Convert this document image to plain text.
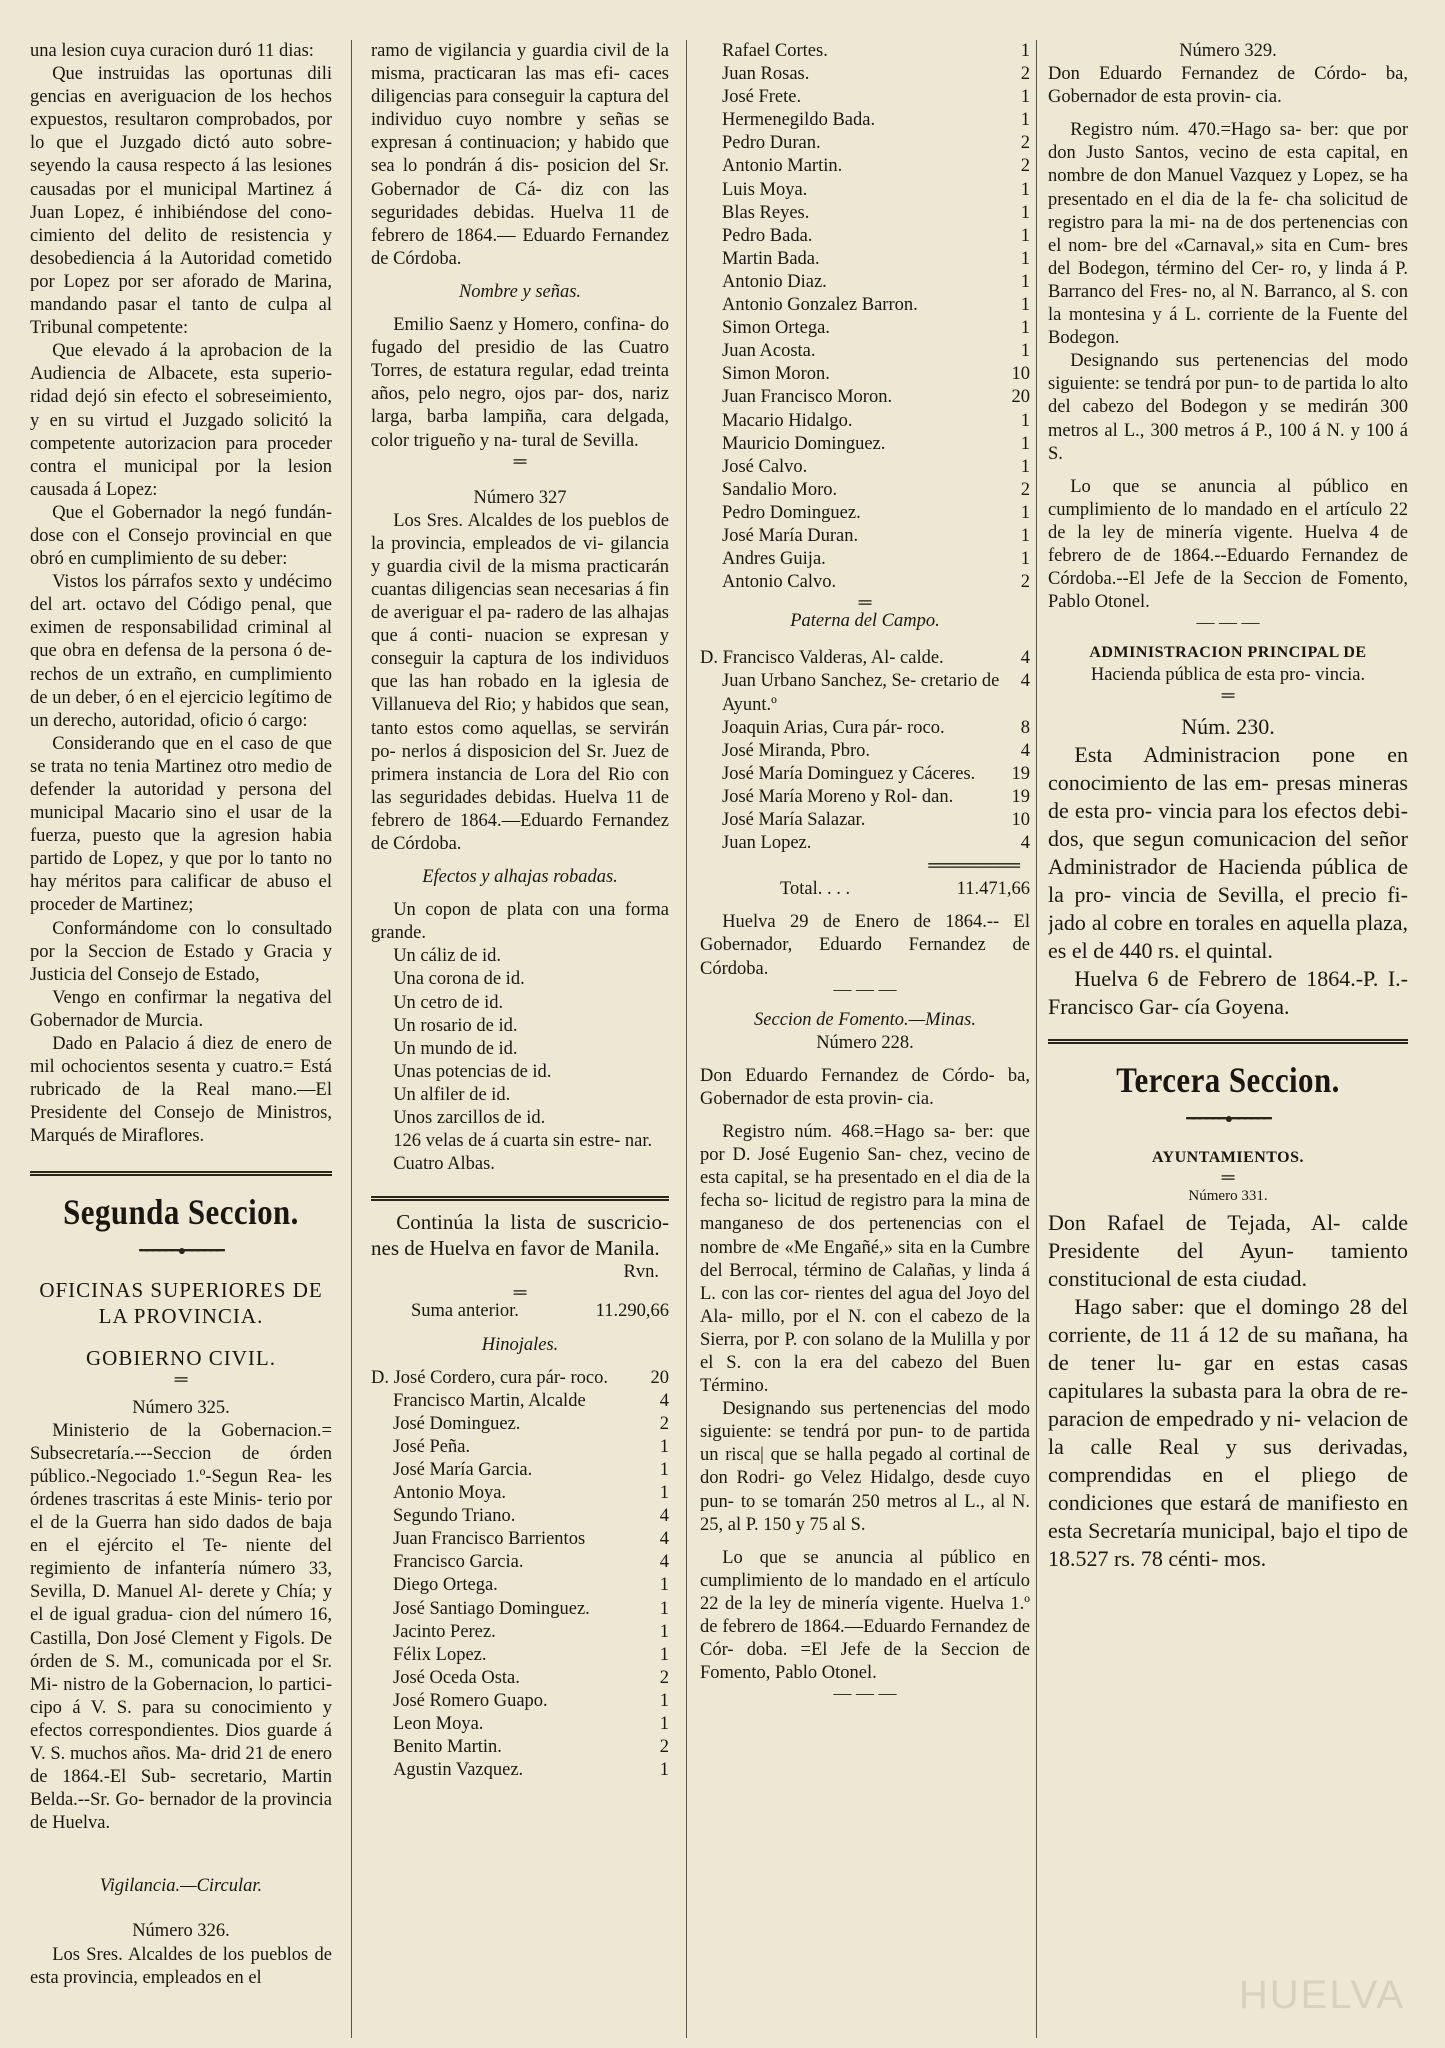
una lesion cuya curacion duró 11 dias:

Que instruidas las oportunas dili gencias en averiguacion de los hechos expuestos, resultaron comprobados, por lo que el Juzgado dictó auto sobre- seyendo la causa respecto á las lesiones causadas por el municipal Martinez á Juan Lopez, é inhibiéndose del cono- cimiento del delito de resistencia y desobediencia á la Autoridad cometido por Lopez por ser aforado de Marina, mandando pasar el tanto de culpa al Tribunal competente:

Que elevado á la aprobacion de la Audiencia de Albacete, esta superio- ridad dejó sin efecto el sobreseimiento, y en su virtud el Juzgado solicitó la competente autorizacion para proceder contra el municipal por la lesion causada á Lopez:

Que el Gobernador la negó fundán- dose con el Consejo provincial en que obró en cumplimiento de su deber:

Vistos los párrafos sexto y undécimo del art. octavo del Código penal, que eximen de responsabilidad criminal al que obra en defensa de la persona ó de- rechos de un extraño, en cumplimiento de un deber, ó en el ejercicio legítimo de un derecho, autoridad, oficio ó cargo:

Considerando que en el caso de que se trata no tenia Martinez otro medio de defender la autoridad y persona del municipal Macario sino el usar de la fuerza, puesto que la agresion habia partido de Lopez, y que por lo tanto no hay méritos para calificar de abuso el proceder de Martinez;

Conformándome con lo consultado por la Seccion de Estado y Gracia y Justicia del Consejo de Estado,

Vengo en confirmar la negativa del Gobernador de Murcia.

Dado en Palacio á diez de enero de mil ochocientos sesenta y cuatro.= Está rubricado de la Real mano.—El Presidente del Consejo de Ministros, Marqués de Miraflores.

Segunda Seccion.
━━━━━━●━━━━━━
OFICINAS SUPERIORES DE LA PROVINCIA.
GOBIERNO CIVIL.
═

Número 325.

Ministerio de la Gobernacion.= Subsecretaría.---Seccion de órden público.-Negociado 1.º-Segun Rea- les órdenes trascritas á este Minis- terio por el de la Guerra han sido dados de baja en el ejército el Te- niente del regimiento de infantería número 33, Sevilla, D. Manuel Al- derete y Chía; y el de igual gradua- cion del número 16, Castilla, Don José Clement y Figols. De órden de S. M., comunicada por el Sr. Mi- nistro de la Gobernacion, lo partici- cipo á V. S. para su conocimiento y efectos correspondientes. Dios guarde á V. S. muchos años. Ma- drid 21 de enero de 1864.-El Sub- secretario, Martin Belda.--Sr. Go- bernador de la provincia de Huelva.

Vigilancia.—Circular.

Número 326.

Los Sres. Alcaldes de los pueblos de esta provincia, empleados en el

ramo de vigilancia y guardia civil de la misma, practicaran las mas efi- caces diligencias para conseguir la captura del individuo cuyo nombre y señas se expresan á continuacion; y habido que sea lo pondrán á dis- posicion del Sr. Gobernador de Cá- diz con las seguridades debidas. Huelva 11 de febrero de 1864.— Eduardo Fernandez de Córdoba.

Nombre y señas.

Emilio Saenz y Homero, confina- do fugado del presidio de las Cuatro Torres, de estatura regular, edad treinta años, pelo negro, ojos par- dos, nariz larga, barba lampiña, cara delgada, color trigueño y na- tural de Sevilla.

═

Número 327

Los Sres. Alcaldes de los pueblos de la provincia, empleados de vi- gilancia y guardia civil de la misma practicarán cuantas diligencias sean necesarias á fin de averiguar el pa- radero de las alhajas que á conti- nuacion se expresan y conseguir la captura de los individuos que las han robado en la iglesia de Villanueva del Rio; y habidos que sean, tanto estos como aquellas, se servirán po- nerlos á disposicion del Sr. Juez de primera instancia de Lora del Rio con las seguridades debidas. Huelva 11 de febrero de 1864.—Eduardo Fernandez de Córdoba.

Efectos y alhajas robadas.

Un copon de plata con una forma grande.

Un cáliz de id.

Una corona de id.

Un cetro de id.

Un rosario de id.

Un mundo de id.

Unas potencias de id.

Un alfiler de id.

Unos zarcillos de id.

126 velas de á cuarta sin estre- nar.

Cuatro Albas.

Continúa la lista de suscricio- nes de Huelva en favor de Manila.

Rvn.

═
Suma anterior.	11.290,66

Hinojales.

D. José Cordero, cura pár- roco. 20
Francisco Martin, Alcalde	4
José Dominguez.	2
José Peña.	1
José María Garcia.	1
Antonio Moya.	1
Segundo Triano.	4
Juan Francisco Barrientos	4
Francisco Garcia.	4
Diego Ortega.	1
José Santiago Dominguez.	1
Jacinto Perez.	1
Félix Lopez.	1
José Oceda Osta.	2
José Romero Guapo.	1
Leon Moya.	1
Benito Martin.	2
Agustin Vazquez.	1
Rafael Cortes.	1
Juan Rosas.	2
José Frete.	1
Hermenegildo Bada.	1
Pedro Duran.	2
Antonio Martin.	2
Luis Moya.	1
Blas Reyes.	1
Pedro Bada.	1
Martin Bada.	1
Antonio Diaz.	1
Antonio Gonzalez Barron.	1
Simon Ortega.	1
Juan Acosta.	1
Simon Moron.	10
Juan Francisco Moron.	20
Macario Hidalgo.	1
Mauricio Dominguez.	1
José Calvo.	1
Sandalio Moro.	2
Pedro Dominguez.	1
José María Duran.	1
Andres Guija.	1
Antonio Calvo.	2
═

Paterna del Campo.

D. Francisco Valderas, Al- calde.	4
Juan Urbano Sanchez, Se- cretario de Ayunt.º
4
Joaquin Arias, Cura pár- roco.	8
José Miranda, Pbro.	4
José María Dominguez y Cáceres. 19
José María Moreno y Rol- dan.	19
José María Salazar.	10
Juan Lopez.	4
═══════
Total. . . .	11.471,66

Huelva 29 de Enero de 1864.-- El Gobernador, Eduardo Fernandez de Córdoba.

— — —

Seccion de Fomento.—Minas.

Número 228.

Don Eduardo Fernandez de Córdo- ba, Gobernador de esta provin- cia.

Registro núm. 468.=Hago sa- ber: que por D. José Eugenio San- chez, vecino de esta capital, se ha presentado en el dia de la fecha so- licitud de registro para la mina de manganeso de dos pertenencias con el nombre de «Me Engañé,» sita en la Cumbre del Berrocal, término de Calañas, y linda á L. con las cor- rientes del agua del Joyo del Ala- millo, por el N. con el cabezo de la Sierra, por P. con solano de la Mulilla y por el S. con la era del cabezo del Buen Término.

Designando sus pertenencias del modo siguiente: se tendrá por pun- to de partida un risca| que se halla pegado al cortinal de don Rodri- go Velez Hidalgo, desde cuyo pun- to se tomarán 250 metros al L., al N. 25, al P. 150 y 75 al S.

Lo que se anuncia al público en cumplimiento de lo mandado en el artículo 22 de la ley de minería vigente. Huelva 1.º de febrero de 1864.—Eduardo Fernandez de Cór- doba. =El Jefe de la Seccion de Fomento, Pablo Otonel.

— — —

Número 329.

Don Eduardo Fernandez de Córdo- ba, Gobernador de esta provin- cia.

Registro núm. 470.=Hago sa- ber: que por don Justo Santos, vecino de esta capital, en nombre de don Manuel Vazquez y Lopez, se ha presentado en el dia de la fe- cha solicitud de registro para la mi- na de dos pertenencias con el nom- bre del «Carnaval,» sita en Cum- bres del Bodegon, término del Cer- ro, y linda á P. Barranco del Fres- no, al N. Barranco, al S. con la montesina y á L. corriente de la Fuente del Bodegon.

Designando sus pertenencias del modo siguiente: se tendrá por pun- to de partida lo alto del cabezo del Bodegon y se medirán 300 metros al L., 300 metros á P., 100 á N. y 100 á S.

Lo que se anuncia al público en cumplimiento de lo mandado en el artículo 22 de la ley de minería vigente. Huelva 4 de febrero de de 1864.--Eduardo Fernandez de Córdoba.--El Jefe de la Seccion de Fomento, Pablo Otonel.

— — —
ADMINISTRACION PRINCIPAL DE

Hacienda pública de esta pro- vincia.

═

Núm. 230.

Esta Administracion pone en conocimiento de las em- presas mineras de esta pro- vincia para los efectos debi- dos, que segun comunicacion del señor Administrador de Hacienda pública de la pro- vincia de Sevilla, el precio fi- jado al cobre en torales en aquella plaza, es el de 440 rs. el quintal.

Huelva 6 de Febrero de 1864.-P. I.-Francisco Gar- cía Goyena.

Tercera Seccion.
━━━━━━●━━━━━━
AYUNTAMIENTOS.
═

Número 331.

Don Rafael de Tejada, Al- calde Presidente del Ayun- tamiento constitucional de esta ciudad.

Hago saber: que el domingo 28 del corriente, de 11 á 12 de su mañana, ha de tener lu- gar en estas casas capitulares la subasta para la obra de re- paracion de empedrado y ni- velacion de la calle Real y sus derivadas, comprendidas en el pliego de condiciones que estará de manifiesto en esta Secretaría municipal, bajo el tipo de 18.527 rs. 78 cénti- mos.

HUELVA
